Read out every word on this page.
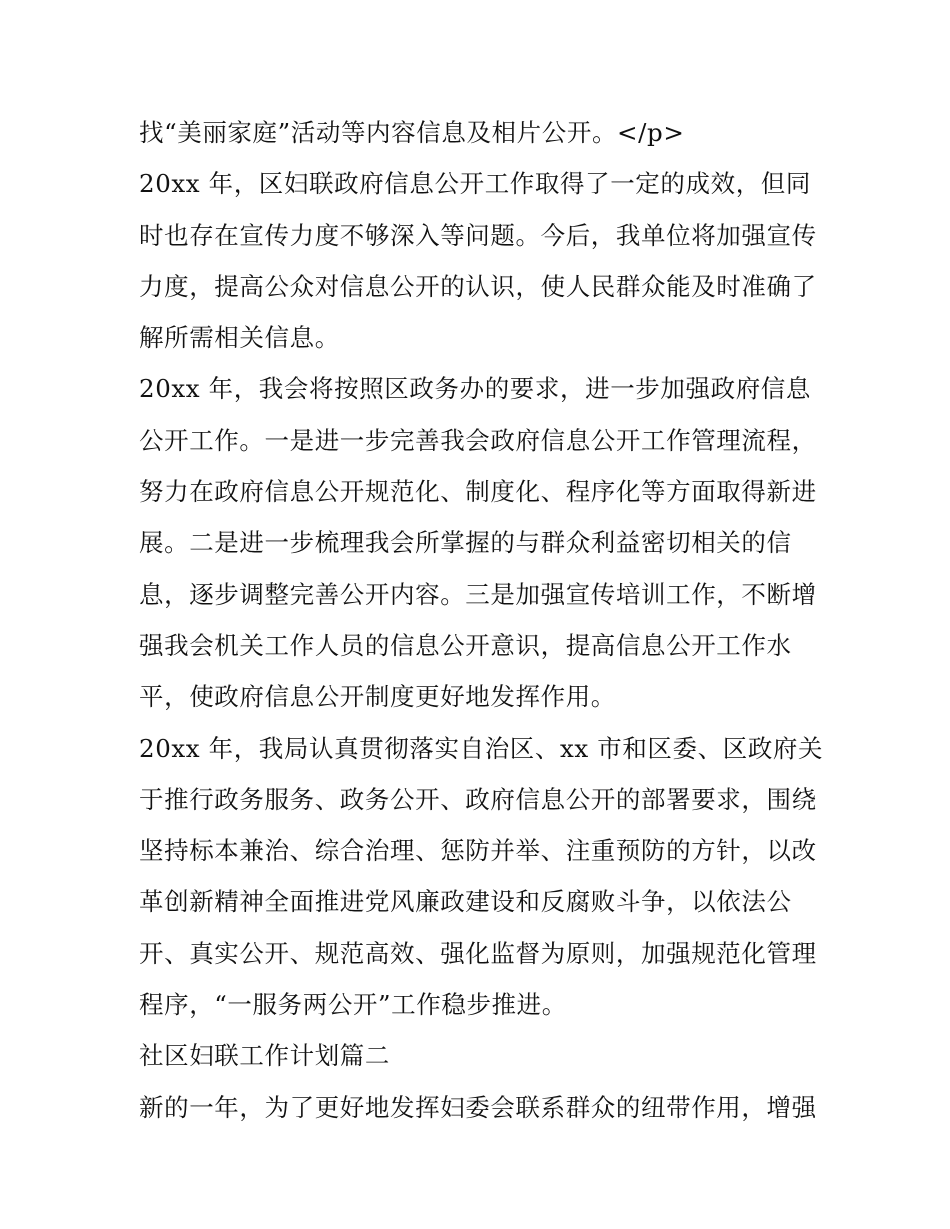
找“美丽家庭”活动等内容信息及相片公开。</p>
20xx 年，区妇联政府信息公开工作取得了一定的成效，但同
时也存在宣传力度不够深入等问题。今后，我单位将加强宣传
力度，提高公众对信息公开的认识，使人民群众能及时准确了
解所需相关信息。
20xx 年，我会将按照区政务办的要求，进一步加强政府信息
公开工作。一是进一步完善我会政府信息公开工作管理流程，
努力在政府信息公开规范化、制度化、程序化等方面取得新进
展。二是进一步梳理我会所掌握的与群众利益密切相关的信
息，逐步调整完善公开内容。三是加强宣传培训工作，不断增
强我会机关工作人员的信息公开意识，提高信息公开工作水
平，使政府信息公开制度更好地发挥作用。
20xx 年，我局认真贯彻落实自治区、xx 市和区委、区政府关
于推行政务服务、政务公开、政府信息公开的部署要求，围绕
坚持标本兼治、综合治理、惩防并举、注重预防的方针，以改
革创新精神全面推进党风廉政建设和反腐败斗争，以依法公
开、真实公开、规范高效、强化监督为原则，加强规范化管理
程序，“一服务两公开”工作稳步推进。
社区妇联工作计划篇二
新的一年，为了更好地发挥妇委会联系群众的纽带作用，增强
